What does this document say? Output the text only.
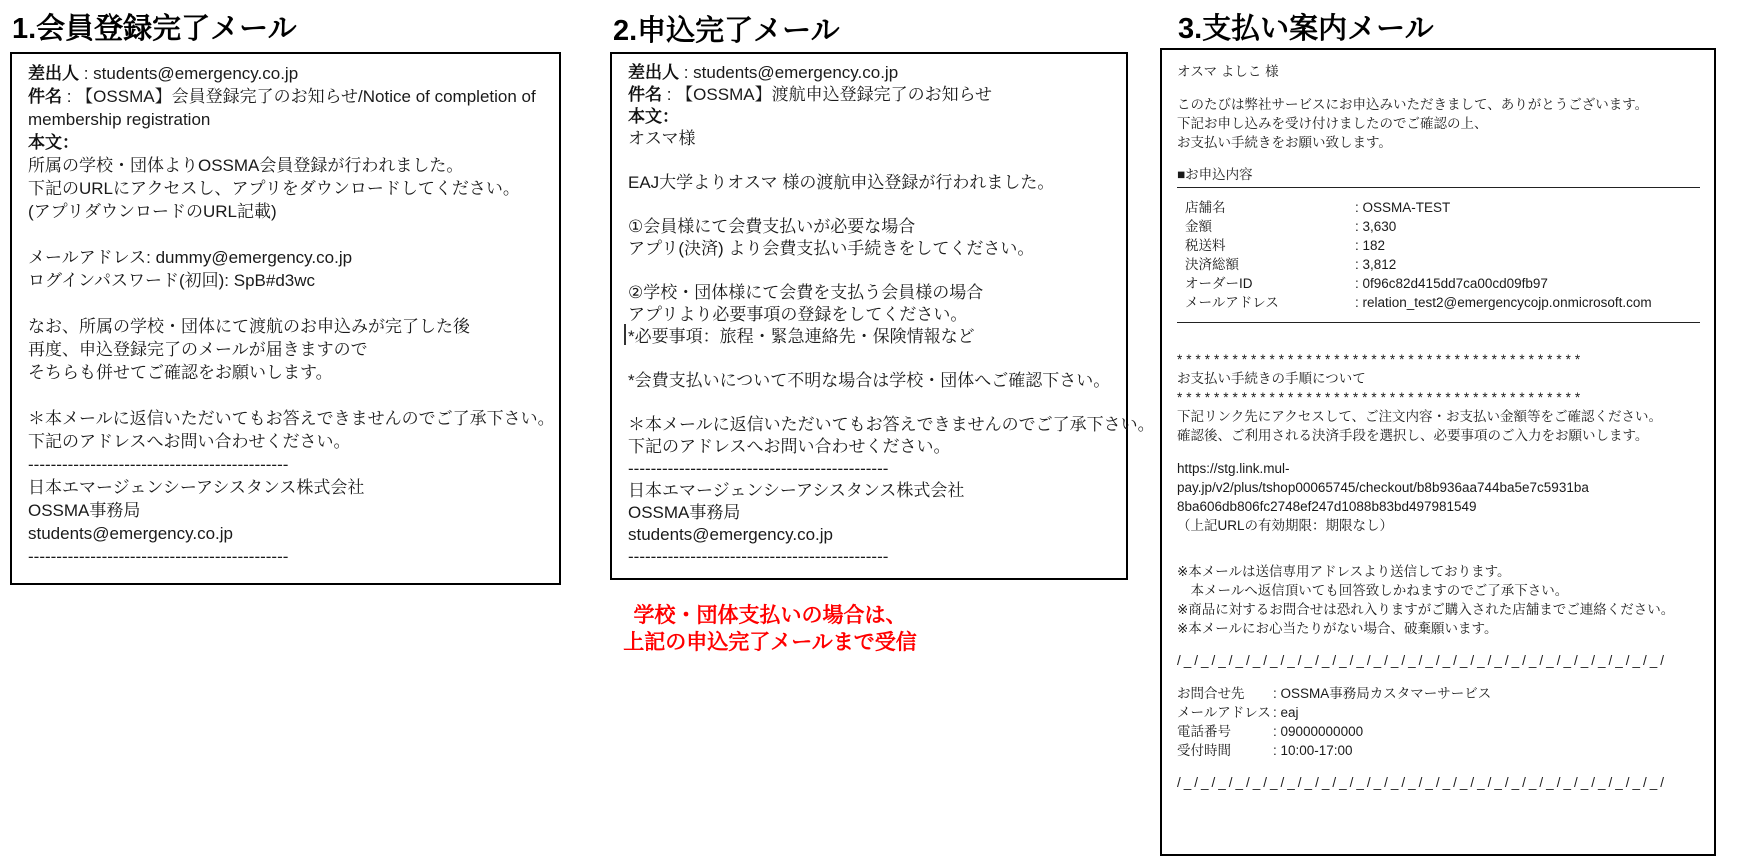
1.会員登録完了メール
差出人 : students@emergency.co.jp
件名 : 【OSSMA】会員登録完了のお知らせ/Notice of completion of membership registration
本文：
所属の学校・団体よりOSSMA会員登録が行われました。
下記のURLにアクセスし、アプリをダウンロードしてください。
(アプリダウンロードのURL記載)

メールアドレス: dummy@emergency.co.jp
ログインパスワード(初回): SpB#d3wc

なお、所属の学校・団体にて渡航のお申込みが完了した後
再度、申込登録完了のメールが届きますので
そちらも併せてご確認をお願いします。

＊本メールに返信いただいてもお答えできませんのでご了承下さい。
下記のアドレスへお問い合わせください。
----------------------------------------------
日本エマージェンシーアシスタンス株式会社
OSSMA事務局
students@emergency.co.jp
----------------------------------------------
2.申込完了メール
差出人 : students@emergency.co.jp
件名 : 【OSSMA】渡航申込登録完了のお知らせ
本文：
オスマ様

EAJ大学よりオスマ 様の渡航申込登録が行われました。

①会員様にて会費支払いが必要な場合
アプリ(決済) より会費支払い手続きをしてください。

②学校・団体様にて会費を支払う会員様の場合
アプリより必要事項の登録をしてください。
*必要事項：旅程・緊急連絡先・保険情報など

*会費支払いについて不明な場合は学校・団体へご確認下さい。

＊本メールに返信いただいてもお答えできませんのでご了承下さい。
下記のアドレスへお問い合わせください。
----------------------------------------------
日本エマージェンシーアシスタンス株式会社
OSSMA事務局
students@emergency.co.jp
----------------------------------------------
学校・団体支払いの場合は、
上記の申込完了メールまで受信
3.支払い案内メール
オスマ よしこ 様

このたびは弊社サービスにお申込みいただきまして、ありがとうございます。
下記お申し込みを受け付けましたのでご確認の上、
お支払い手続きをお願い致します。

■お申込内容
店舗名	: OSSMA-TEST
金額	: 3,630
税送料	: 182
決済総額	: 3,812
オーダーID	: 0f96c82d415dd7ca00cd09fb97
メールアドレス	: relation_test2@emergencycojp.onmicrosoft.com

********************************************
お支払い手続きの手順について
********************************************
下記リンク先にアクセスして、ご注文内容・お支払い金額等をご確認ください。
確認後、ご利用される決済手段を選択し、必要事項のご入力をお願いします。

https://stg.link.mul-
pay.jp/v2/plus/tshop00065745/checkout/b8b936aa744ba5e7c5931ba
8ba606db806fc2748ef247d1088b83bd497981549
（上記URLの有効期限：期限なし）

※本メールは送信専用アドレスより送信しております。
　本メールへ返信頂いても回答致しかねますのでご了承下さい。
※商品に対するお問合せは恐れ入りますがご購入された店舗までご連絡ください。
※本メールにお心当たりがない場合、破棄願います。

/_/_/_/_/_/_/_/_/_/_/_/_/_/_/_/_/_/_/_/_/_/_/_/_/_/_/_/_/

お問合せ先 : OSSMA事務局カスタマーサービス
メールアドレス : eaj
電話番号	: 09000000000
受付時間	: 10:00-17:00

/_/_/_/_/_/_/_/_/_/_/_/_/_/_/_/_/_/_/_/_/_/_/_/_/_/_/_/_/
